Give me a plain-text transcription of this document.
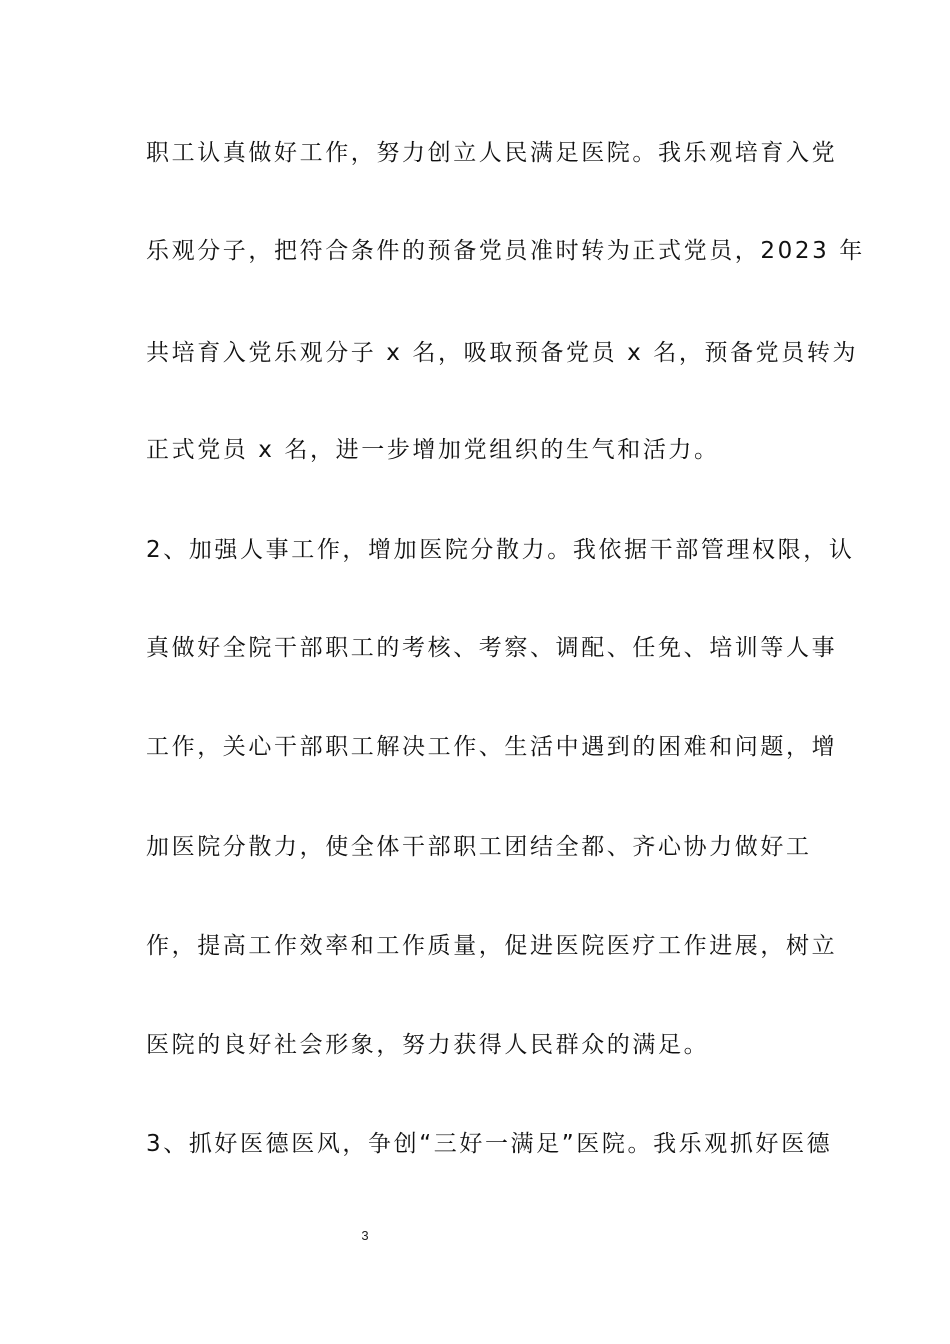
职工认真做好工作，努力创立人民满足医院。我乐观培育入党
乐观分子，把符合条件的预备党员准时转为正式党员，2023 年
共培育入党乐观分子 x 名，吸取预备党员 x 名，预备党员转为
正式党员 x 名，进一步增加党组织的生气和活力。
2、加强人事工作，增加医院分散力。我依据干部管理权限，认
真做好全院干部职工的考核、考察、调配、任免、培训等人事
工作，关心干部职工解决工作、生活中遇到的困难和问题，增
加医院分散力，使全体干部职工团结全都、齐心协力做好工
作，提高工作效率和工作质量，促进医院医疗工作进展，树立
医院的良好社会形象，努力获得人民群众的满足。
3、抓好医德医风，争创“三好一满足”医院。我乐观抓好医德
3
